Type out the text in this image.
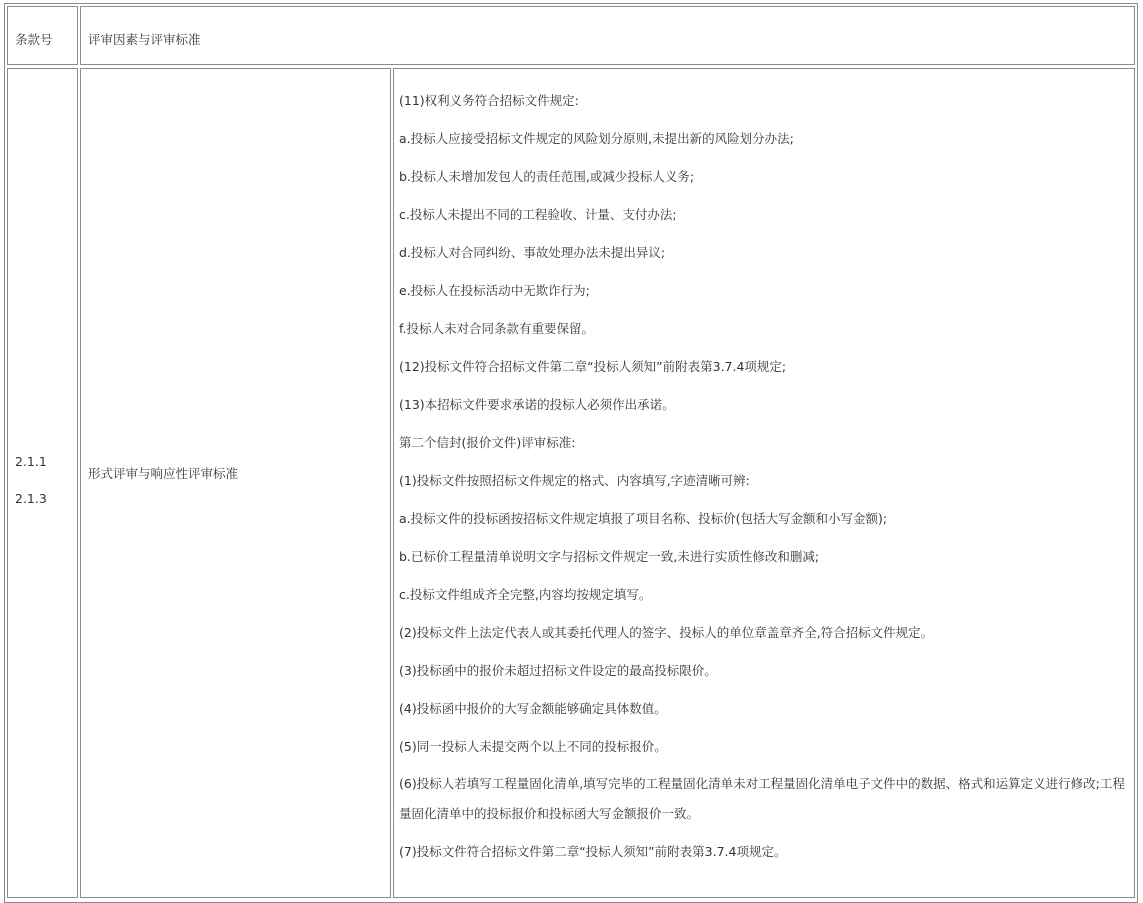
条款号	评审因素与评审标准
2.1.1
2.1.3
形式评审与响应性评审标准
(11)权利义务符合招标文件规定:
a.投标人应接受招标文件规定的风险划分原则,未提出新的风险划分办法;
b.投标人未增加发包人的责任范围,或减少投标人义务;
c.投标人未提出不同的工程验收、计量、支付办法;
d.投标人对合同纠纷、事故处理办法未提出异议;
e.投标人在投标活动中无欺诈行为;
f.投标人未对合同条款有重要保留。
(12)投标文件符合招标文件第二章“投标人须知”前附表第3.7.4项规定;
(13)本招标文件要求承诺的投标人必须作出承诺。
第二个信封(报价文件)评审标准:
(1)投标文件按照招标文件规定的格式、内容填写,字迹清晰可辨:
a.投标文件的投标函按招标文件规定填报了项目名称、投标价(包括大写金额和小写金额);
b.已标价工程量清单说明文字与招标文件规定一致,未进行实质性修改和删减;
c.投标文件组成齐全完整,内容均按规定填写。
(2)投标文件上法定代表人或其委托代理人的签字、投标人的单位章盖章齐全,符合招标文件规定。
(3)投标函中的报价未超过招标文件设定的最高投标限价。
(4)投标函中报价的大写金额能够确定具体数值。
(5)同一投标人未提交两个以上不同的投标报价。
(6)投标人若填写工程量固化清单,填写完毕的工程量固化清单未对工程量固化清单电子文件中的数据、格式和运算定义进行修改;工程量固化清单中的投标报价和投标函大写金额报价一致。
(7)投标文件符合招标文件第二章“投标人须知”前附表第3.7.4项规定。
